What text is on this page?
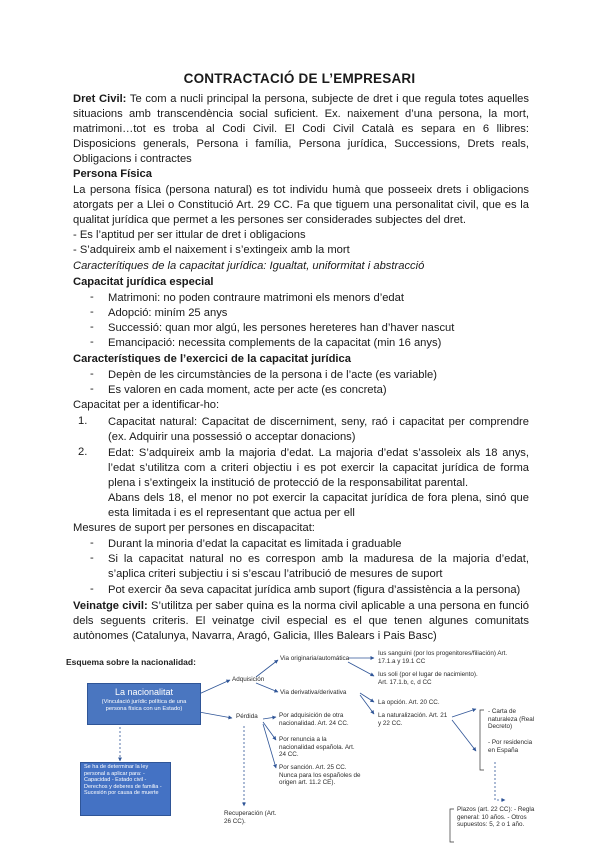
CONTRACTACIÓ DE L’EMPRESARI
Dret Civil: Te com a nucli principal la persona, subjecte de dret i que regula totes aquelles
situacions amb transcendència social suficient. Ex. naixement d’una persona, la mort,
matrimoni…tot es troba al Codi Civil. El Codi Civil Català es separa en 6 llibres:
Disposicions generals, Persona i família, Persona jurídica, Successions, Drets reals,
Obligacions i contractes
Persona Física
La persona física (persona natural) es tot individu humà que posseeix drets i obligacions
atorgats per a Llei o Constitució Art. 29 CC. Fa que tiguem una personalitat civil, que es la
qualitat jurídica que permet a les persones ser considerades subjectes del dret.
- Es l’aptitud per ser ittular de dret i obligacions
- S’adquireix amb el naixement i s’extingeix amb la mort
Caracterítiques de la capacitat jurídica: Igualtat, uniformitat i abstracció
Capacitat jurídica especial
- Matrimoni: no poden contraure matrimoni els menors d’edat
- Adopció: miním 25 anys
- Successió: quan mor algú, les persones hereteres han d’haver nascut
- Emancipació: necessita complements de la capacitat (min 16 anys)
Característiques de l’exercici de la capacitat jurídica
- Depèn de les circumstàncies de la persona i de l’acte (es variable)
- Es valoren en cada moment, acte per acte (es concreta)
Capacitat per a identificar-ho:
1. Capacitat natural: Capacitat de discerniment, seny, raó i capacitat per comprendre
(ex. Adquirir una possessió o acceptar donacions)
2. Edat: S’adquireix amb la majoria d’edat. La majoria d’edat s’assoleix als 18 anys,
l’edat s’utilitza com a criteri objectiu i es pot exercir la capacitat jurídica de forma
plena i s’extingeix la institució de protecció de la responsabilitat parental.
Abans dels 18, el menor no pot exercir la capacitat jurídica de fora plena, sinó que
esta limitada i es el representant que actua per ell
Mesures de suport per persones en discapacitat:
- Durant la minoria d’edat la capacitat es limitada i graduable
- Si la capacitat natural no es correspon amb la maduresa de la majoria d’edat,
s’aplica criteri subjectiu i si s’escau l’atribució de mesures de suport
- Pot exercir ða seva capacitat jurídica amb suport (figura d’assistència a la persona)
Veinatge civil: S’utilitza per saber quina es la norma civil aplicable a una persona en funció
dels seguents criteris. El veinatge civil especial es el que tenen algunes comunitats
autònomes (Catalunya, Navarra, Aragó, Galicia, Illes Balears i Pais Basc)
Esquema sobre la nacionalidad:
La nacionalitat
(Vinculació jurídic política de una persona física con un Estado)
Adquisición
Pérdida
Via originaria/automática
Ius sanguini (por los progenitores/filiación) Art. 17.1.a y 19.1 CC
Ius soli (por el lugar de nacimiento). Art. 17.1.b, c, d CC
Via derivativa/derivativa
La opción. Art. 20 CC.
La naturalización. Art. 21 y 22 CC.
- Carta de naturaleza (Real Decreto)
- Por residencia en España
Por adquisición de otra nacionalidad. Art. 24 CC.
Por renuncia a la nacionalidad española. Art. 24 CC.
Por sanción. Art. 25 CC. Nunca para los españoles de origen art. 11.2 CE).
Recuperación (Art. 26 CC).
Plazos (art. 22 CC): - Regla general: 10 años. - Otros supuestos: 5, 2 o 1 año.
Se ha de determinar la ley personal a aplicar para: - Capacidad - Estado civil - Derechos y deberes de familia - Sucesión por causa de muerte
